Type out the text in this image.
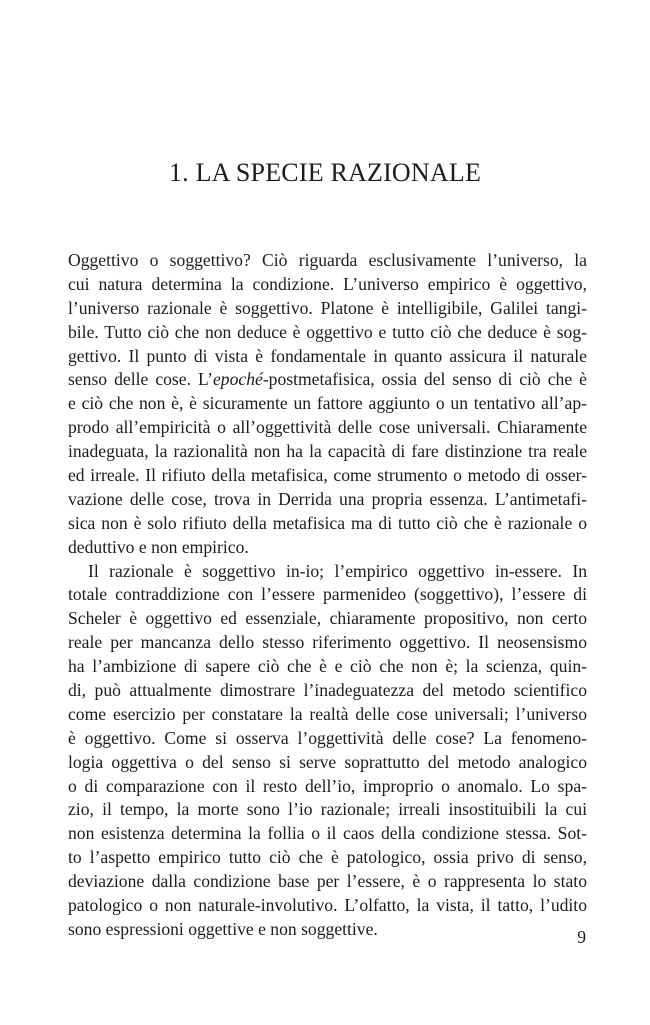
1. LA SPECIE RAZIONALE
Oggettivo o soggettivo? Ciò riguarda esclusivamente l’universo, la
cui natura determina la condizione. L’universo empirico è oggettivo,
l’universo razionale è soggettivo. Platone è intelligibile, Galilei tangi-
bile. Tutto ciò che non deduce è oggettivo e tutto ciò che deduce è sog-
gettivo. Il punto di vista è fondamentale in quanto assicura il naturale
senso delle cose. L’epoché-postmetafisica, ossia del senso di ciò che è
e ciò che non è, è sicuramente un fattore aggiunto o un tentativo all’ap-
prodo all’empiricità o all’oggettività delle cose universali. Chiaramente
inadeguata, la razionalità non ha la capacità di fare distinzione tra reale
ed irreale. Il rifiuto della metafisica, come strumento o metodo di osser-
vazione delle cose, trova in Derrida una propria essenza. L’antimetafi-
sica non è solo rifiuto della metafisica ma di tutto ciò che è razionale o
deduttivo e non empirico.
Il razionale è soggettivo in-io; l’empirico oggettivo in-essere. In
totale contraddizione con l’essere parmenideo (soggettivo), l’essere di
Scheler è oggettivo ed essenziale, chiaramente propositivo, non certo
reale per mancanza dello stesso riferimento oggettivo. Il neosensismo
ha l’ambizione di sapere ciò che è e ciò che non è; la scienza, quin-
di, può attualmente dimostrare l’inadeguatezza del metodo scientifico
come esercizio per constatare la realtà delle cose universali; l’universo
è oggettivo. Come si osserva l’oggettività delle cose? La fenomeno-
logia oggettiva o del senso si serve soprattutto del metodo analogico
o di comparazione con il resto dell’io, improprio o anomalo. Lo spa-
zio, il tempo, la morte sono l’io razionale; irreali insostituibili la cui
non esistenza determina la follia o il caos della condizione stessa. Sot-
to l’aspetto empirico tutto ciò che è patologico, ossia privo di senso,
deviazione dalla condizione base per l’essere, è o rappresenta lo stato
patologico o non naturale-involutivo. L’olfatto, la vista, il tatto, l’udito
sono espressioni oggettive e non soggettive.	9
